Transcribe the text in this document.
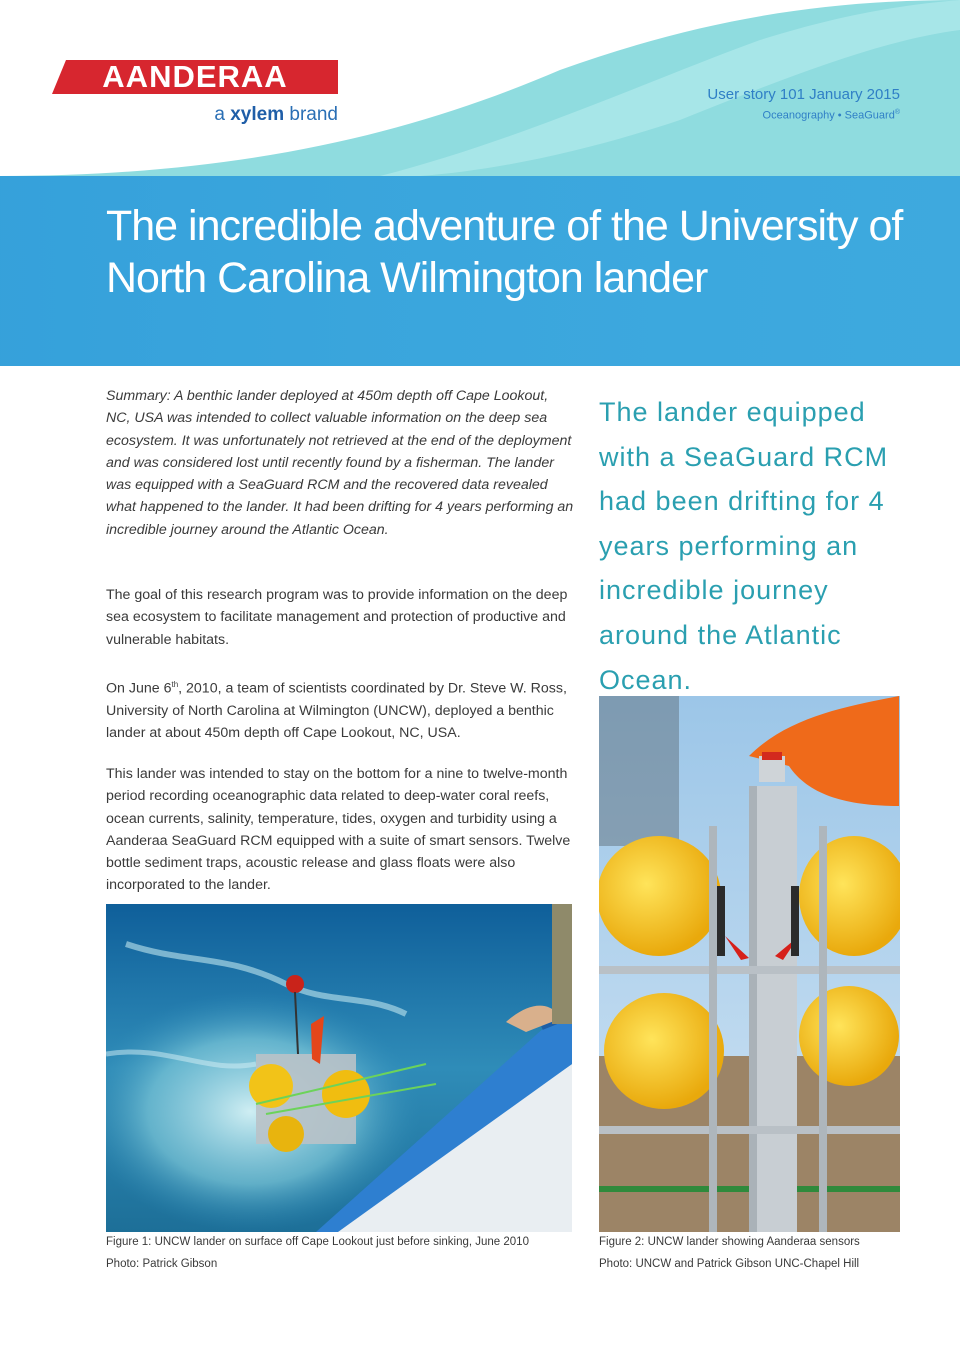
AANDERAA
a xylem brand
User story 101 January 2015
Oceanography • SeaGuard®
The incredible adventure of the University of North Carolina Wilmington lander

Summary: A benthic lander deployed at 450m depth off Cape Lookout, NC, USA was intended to collect valuable information on the deep sea ecosystem. It was unfortunately not retrieved at the end of the deployment and was considered lost until recently found by a fisherman. The lander was equipped with a SeaGuard RCM and the recovered data revealed what happened to the lander. It had been drifting for 4 years performing an incredible journey around the Atlantic Ocean.

The goal of this research program was to provide information on the deep sea ecosystem to facilitate management and protection of productive and vulnerable habitats.

On June 6th, 2010, a team of scientists coordinated by Dr. Steve W. Ross, University of North Carolina at Wilmington (UNCW), deployed a benthic lander at about 450m depth off Cape Lookout, NC, USA.

This lander was intended to stay on the bottom for a nine to twelve-month period recording oceanographic data related to deep-water coral reefs, ocean currents, salinity, temperature, tides, oxygen and turbidity using a Aanderaa SeaGuard RCM equipped with a suite of smart sensors. Twelve bottle sediment traps, acoustic release and glass floats were also incorporated to the lander.

The lander equipped with a SeaGuard RCM had been drifting for 4 years performing an incredible journey around the Atlantic Ocean.

Figure 1: UNCW lander on surface off Cape Lookout just before sinking, June 2010

Photo: Patrick Gibson

Figure 2: UNCW lander showing Aanderaa sensors

Photo: UNCW and Patrick Gibson UNC-Chapel Hill
